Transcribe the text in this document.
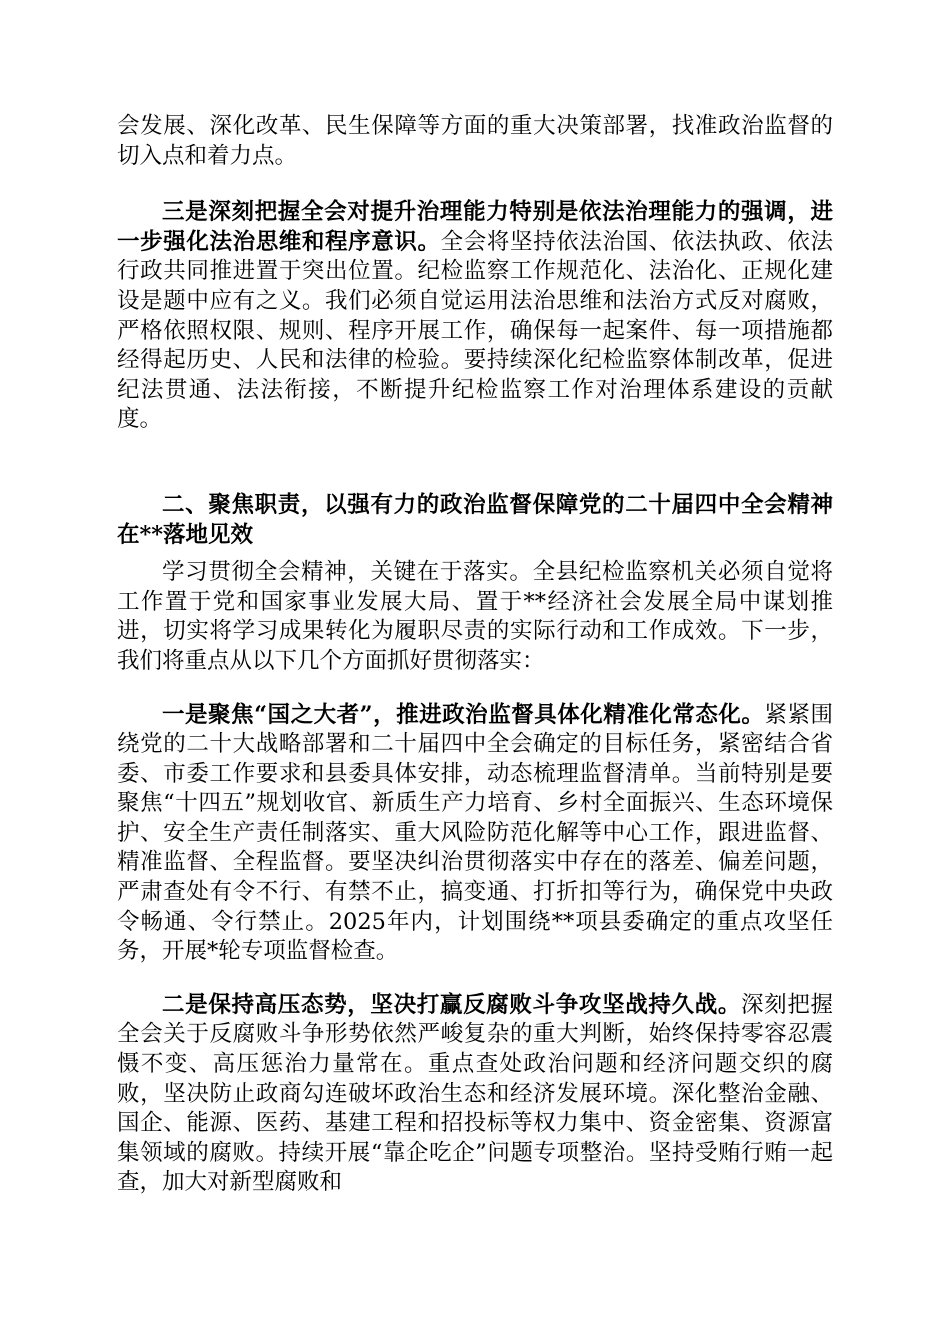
会发展、深化改革、民生保障等方面的重大决策部署，找准政治监督的切入点和着力点。

三是深刻把握全会对提升治理能力特别是依法治理能力的强调，进一步强化法治思维和程序意识。全会将坚持依法治国、依法执政、依法行政共同推进置于突出位置。纪检监察工作规范化、法治化、正规化建设是题中应有之义。我们必须自觉运用法治思维和法治方式反对腐败，严格依照权限、规则、程序开展工作，确保每一起案件、每一项措施都经得起历史、人民和法律的检验。要持续深化纪检监察体制改革，促进纪法贯通、法法衔接，不断提升纪检监察工作对治理体系建设的贡献度。

二、聚焦职责，以强有力的政治监督保障党的二十届四中全会精神在**落地见效

学习贯彻全会精神，关键在于落实。全县纪检监察机关必须自觉将工作置于党和国家事业发展大局、置于**经济社会发展全局中谋划推进，切实将学习成果转化为履职尽责的实际行动和工作成效。下一步，我们将重点从以下几个方面抓好贯彻落实：

一是聚焦“国之大者”，推进政治监督具体化精准化常态化。紧紧围绕党的二十大战略部署和二十届四中全会确定的目标任务，紧密结合省委、市委工作要求和县委具体安排，动态梳理监督清单。当前特别是要聚焦“十四五”规划收官、新质生产力培育、乡村全面振兴、生态环境保护、安全生产责任制落实、重大风险防范化解等中心工作，跟进监督、精准监督、全程监督。要坚决纠治贯彻落实中存在的落差、偏差问题，严肃查处有令不行、有禁不止，搞变通、打折扣等行为，确保党中央政令畅通、令行禁止。2025年内，计划围绕**项县委确定的重点攻坚任务，开展*轮专项监督检查。

二是保持高压态势，坚决打赢反腐败斗争攻坚战持久战。深刻把握全会关于反腐败斗争形势依然严峻复杂的重大判断，始终保持零容忍震慑不变、高压惩治力量常在。重点查处政治问题和经济问题交织的腐败，坚决防止政商勾连破坏政治生态和经济发展环境。深化整治金融、国企、能源、医药、基建工程和招投标等权力集中、资金密集、资源富集领域的腐败。持续开展“靠企吃企”问题专项整治。坚持受贿行贿一起查，加大对新型腐败和
